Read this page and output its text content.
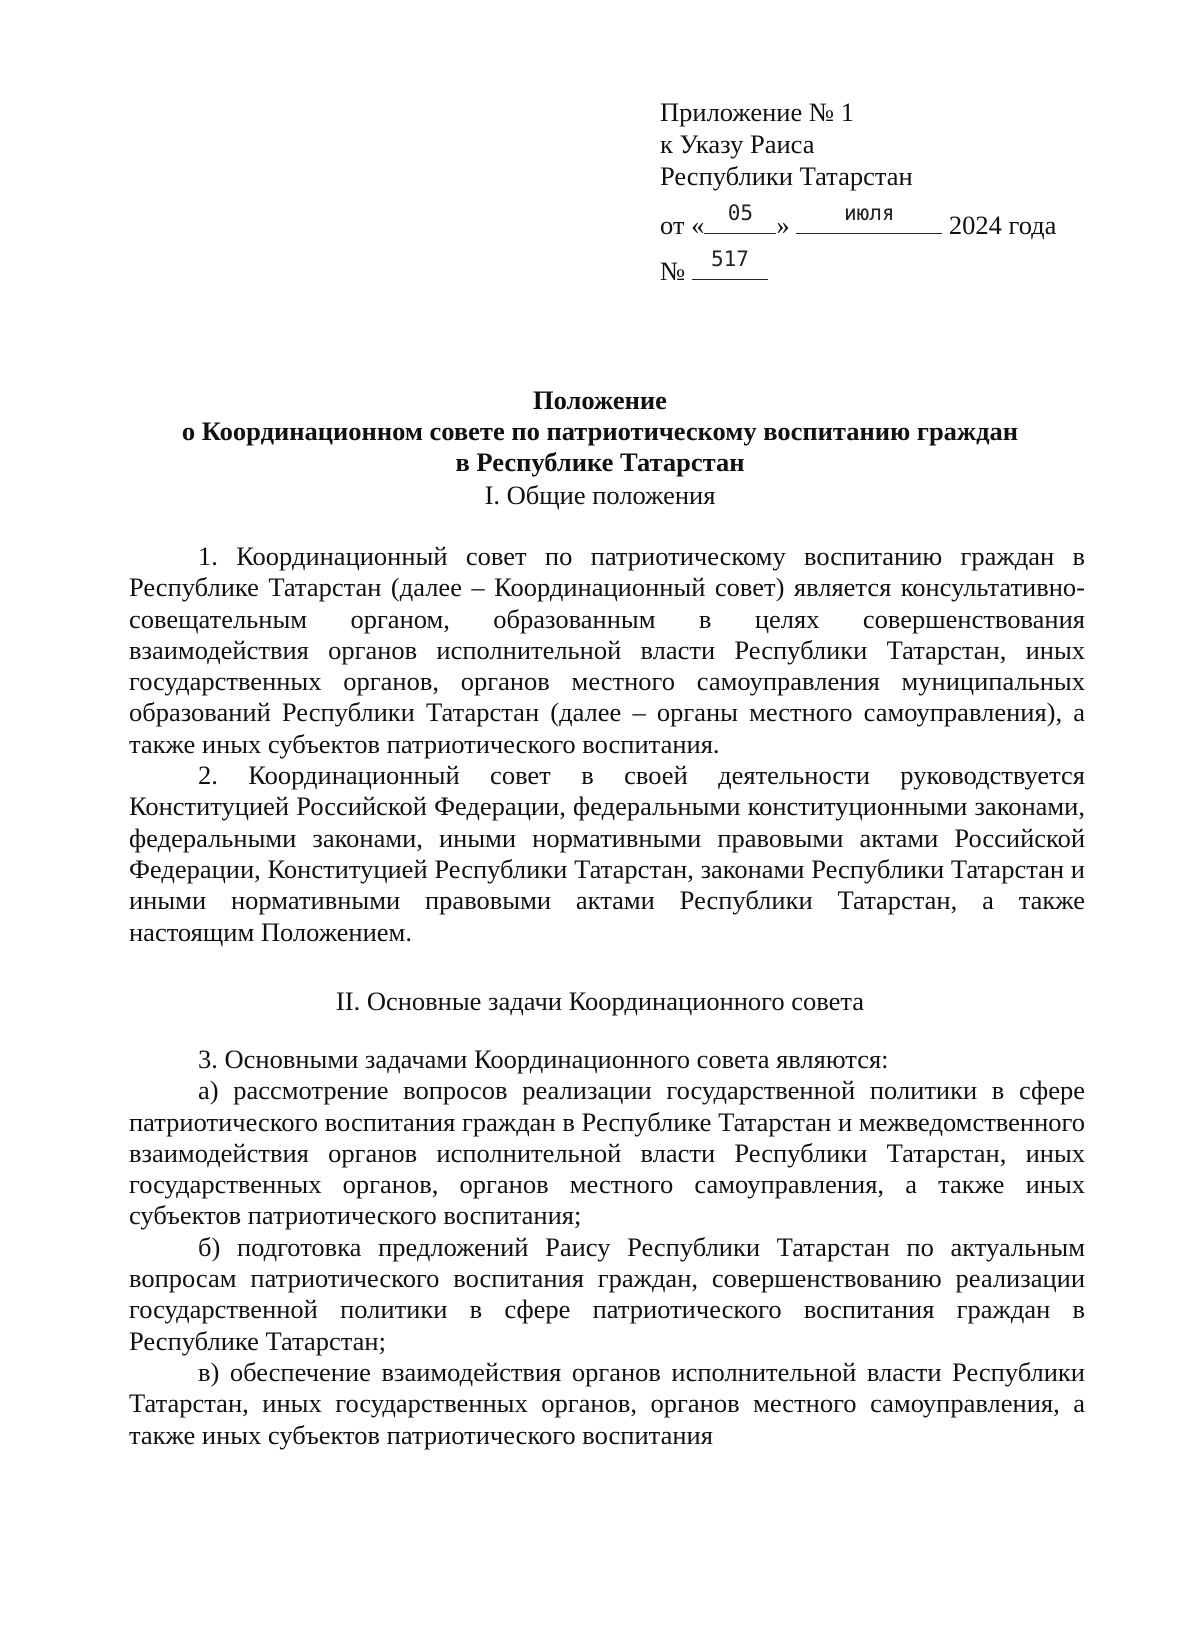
Приложение № 1
к Указу Раиса
Республики Татарстан
от «	05 »	июля	2024 года
№	517
Положение
о Координационном совете по патриотическому воспитанию граждан
в Республике Татарстан
I. Общие положения

1. Координационный совет по патриотическому воспитанию граждан в Республике Татарстан (далее – Координационный совет) является консультативно-совещательным органом, образованным в целях совершенствования взаимодействия органов исполнительной власти Республики Татарстан, иных государственных органов, органов местного самоуправления муниципальных образований Республики Татарстан (далее – органы местного самоуправления), а также иных субъектов патриотического воспитания.

2. Координационный совет в своей деятельности руководствуется Конституцией Российской Федерации, федеральными конституционными законами, федеральными законами, иными нормативными правовыми актами Российской Федерации, Конституцией Республики Татарстан, законами Республики Татарстан и иными нормативными правовыми актами Республики Татарстан, а также настоящим Положением.

II. Основные задачи Координационного совета

3. Основными задачами Координационного совета являются:

а) рассмотрение вопросов реализации государственной политики в сфере патриотического воспитания граждан в Республике Татарстан и межведомственного взаимодействия органов исполнительной власти Республики Татарстан, иных государственных органов, органов местного самоуправления, а также иных субъектов патриотического воспитания;

б) подготовка предложений Раису Республики Татарстан по актуальным вопросам патриотического воспитания граждан, совершенствованию реализации государственной политики в сфере патриотического воспитания граждан в Республике Татарстан;

в) обеспечение взаимодействия органов исполнительной власти Республики Татарстан, иных государственных органов, органов местного самоуправления, а также иных субъектов патриотического воспитания
